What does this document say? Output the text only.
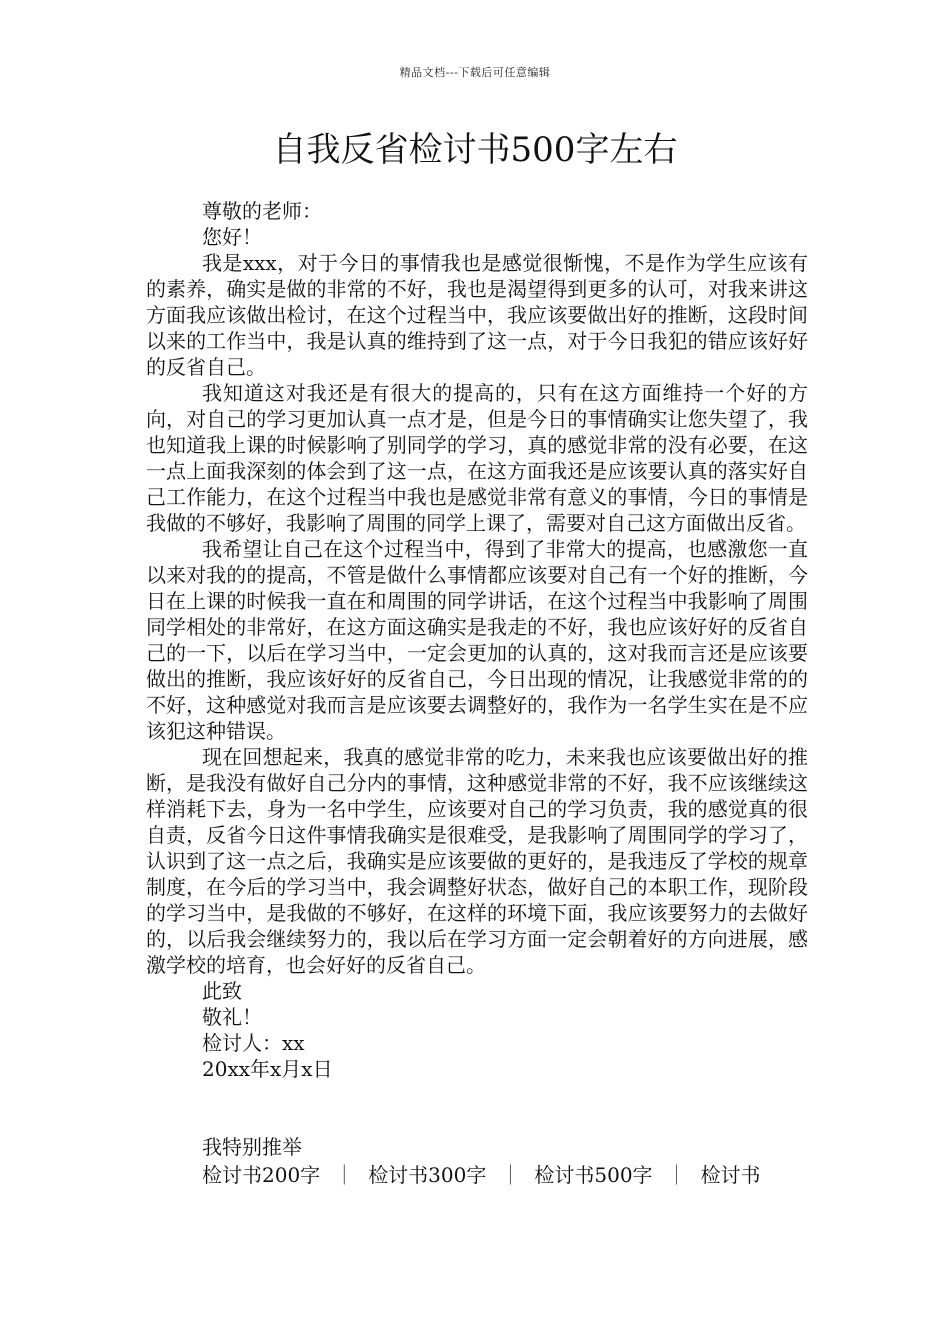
精品文档---下载后可任意编辑
自我反省检讨书500字左右

尊敬的老师：

您好！

我是xxx，对于今日的事情我也是感觉很惭愧，不是作为学生应该有的素养，确实是做的非常的不好，我也是渴望得到更多的认可，对我来讲这方面我应该做出检讨，在这个过程当中，我应该要做出好的推断，这段时间以来的工作当中，我是认真的维持到了这一点，对于今日我犯的错应该好好的反省自己。

我知道这对我还是有很大的提高的，只有在这方面维持一个好的方向，对自己的学习更加认真一点才是，但是今日的事情确实让您失望了，我也知道我上课的时候影响了别同学的学习，真的感觉非常的没有必要，在这一点上面我深刻的体会到了这一点，在这方面我还是应该要认真的落实好自己工作能力，在这个过程当中我也是感觉非常有意义的事情，今日的事情是我做的不够好，我影响了周围的同学上课了，需要对自己这方面做出反省。

我希望让自己在这个过程当中，得到了非常大的提高，也感激您一直以来对我的的提高，不管是做什么事情都应该要对自己有一个好的推断，今日在上课的时候我一直在和周围的同学讲话，在这个过程当中我影响了周围同学相处的非常好，在这方面这确实是我走的不好，我也应该好好的反省自己的一下，以后在学习当中，一定会更加的认真的，这对我而言还是应该要做出的推断，我应该好好的反省自己，今日出现的情况，让我感觉非常的的不好，这种感觉对我而言是应该要去调整好的，我作为一名学生实在是不应该犯这种错误。

现在回想起来，我真的感觉非常的吃力，未来我也应该要做出好的推断，是我没有做好自己分内的事情，这种感觉非常的不好，我不应该继续这样消耗下去，身为一名中学生，应该要对自己的学习负责，我的感觉真的很自责，反省今日这件事情我确实是很难受，是我影响了周围同学的学习了，认识到了这一点之后，我确实是应该要做的更好的，是我违反了学校的规章制度，在今后的学习当中，我会调整好状态，做好自己的本职工作，现阶段的学习当中，是我做的不够好，在这样的环境下面，我应该要努力的去做好的，以后我会继续努力的，我以后在学习方面一定会朝着好的方向进展，感激学校的培育，也会好好的反省自己。

此致

敬礼！

检讨人：xx

20xx年x月x日

我特别推举

检讨书200字 ｜ 检讨书300字 ｜ 检讨书500字 ｜ 检讨书
